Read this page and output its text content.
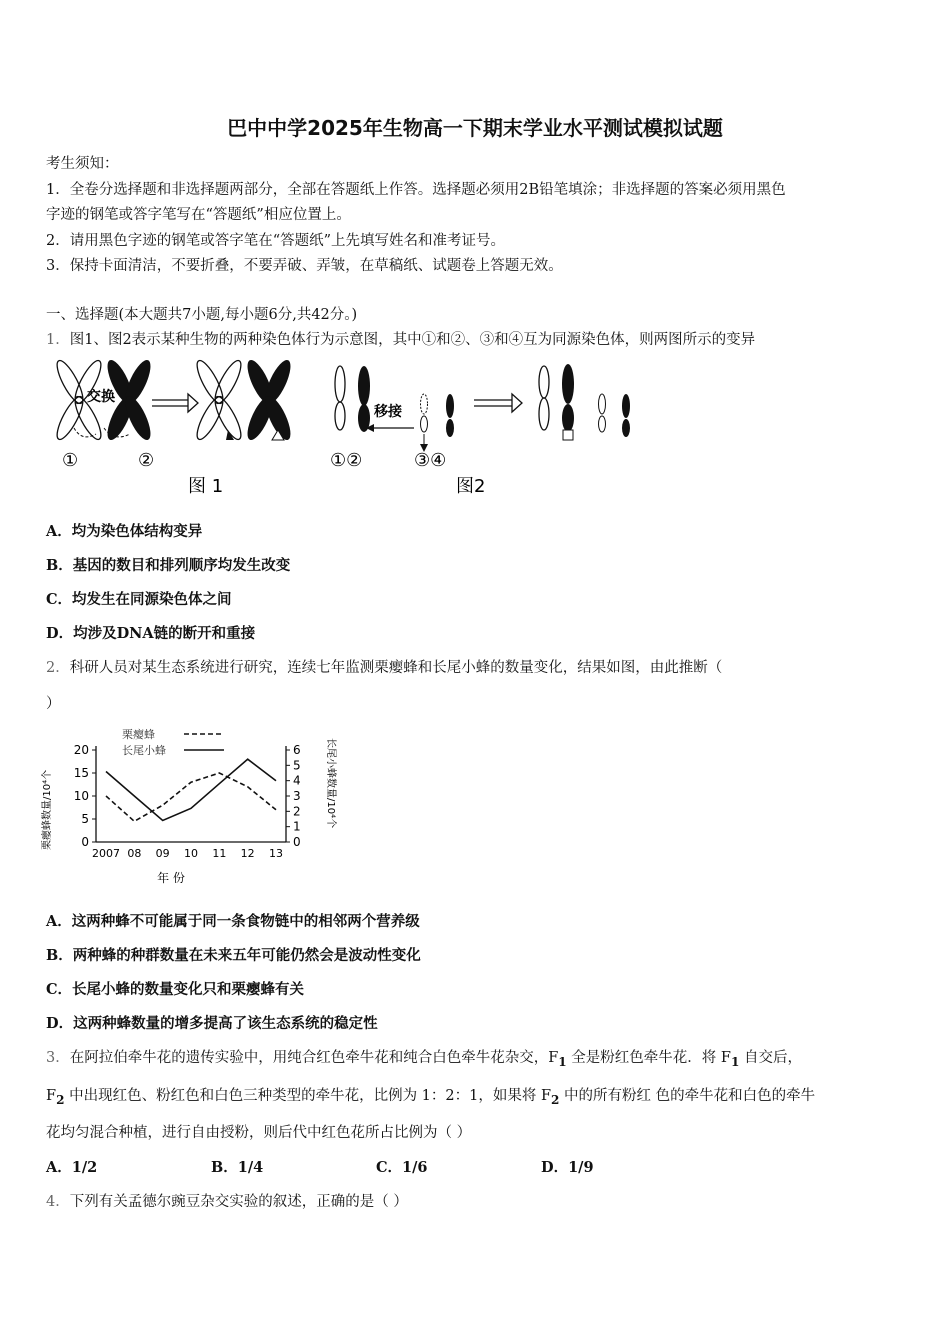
巴中中学2025年生物高一下期末学业水平测试模拟试题
考生须知：
1．全卷分选择题和非选择题两部分，全部在答题纸上作答。选择题必须用2B铅笔填涂；非选择题的答案必须用黑色
字迹的钢笔或答字笔写在“答题纸”相应位置上。
2．请用黑色字迹的钢笔或答字笔在“答题纸”上先填写姓名和准考证号。
3．保持卡面清洁，不要折叠，不要弄破、弄皱，在草稿纸、试题卷上答题无效。
一、选择题(本大题共7小题,每小题6分,共42分。)
1．图1、图2表示某种生物的两种染色体行为示意图，其中①和②、③和④互为同源染色体，则两图所示的变异
交换
①	②
图 1
移接
①②	③④
图2
A．均为染色体结构变异
B．基因的数目和排列顺序均发生改变
C．均发生在同源染色体之间
D．均涉及DNA链的断开和重接
2．科研人员对某生态系统进行研究，连续七年监测栗瘿蜂和长尾小蜂的数量变化，结果如图，由此推断（
）
0
5
10
15
20
0
1
2
3
4
5
6
2007 08 09 10 11 12 13
年 份
栗瘿蜂数量/10⁴个	长尾小蜂数量/10⁴个
栗瘿蜂
长尾小蜂
A．这两种蜂不可能属于同一条食物链中的相邻两个营养级
B．两种蜂的种群数量在未来五年可能仍然会是波动性变化
C．长尾小蜂的数量变化只和栗瘿蜂有关
D．这两种蜂数量的增多提高了该生态系统的稳定性
3．在阿拉伯牵牛花的遗传实验中，用纯合红色牵牛花和纯合白色牵牛花杂交，$F_1$ 全是粉红色牵牛花．将 $F_1$ 自交后，
$F_2$ 中出现红色、粉红色和白色三种类型的牵牛花，比例为 1：2：1，如果将 $F_2$ 中的所有粉红 色的牵牛花和白色的牵牛
花均匀混合种植，进行自由授粉，则后代中红色花所占比例为（ ）
A．1/2	B．1/4	C．1/6	D．1/9
4．下列有关孟德尔豌豆杂交实验的叙述，正确的是（ ）
